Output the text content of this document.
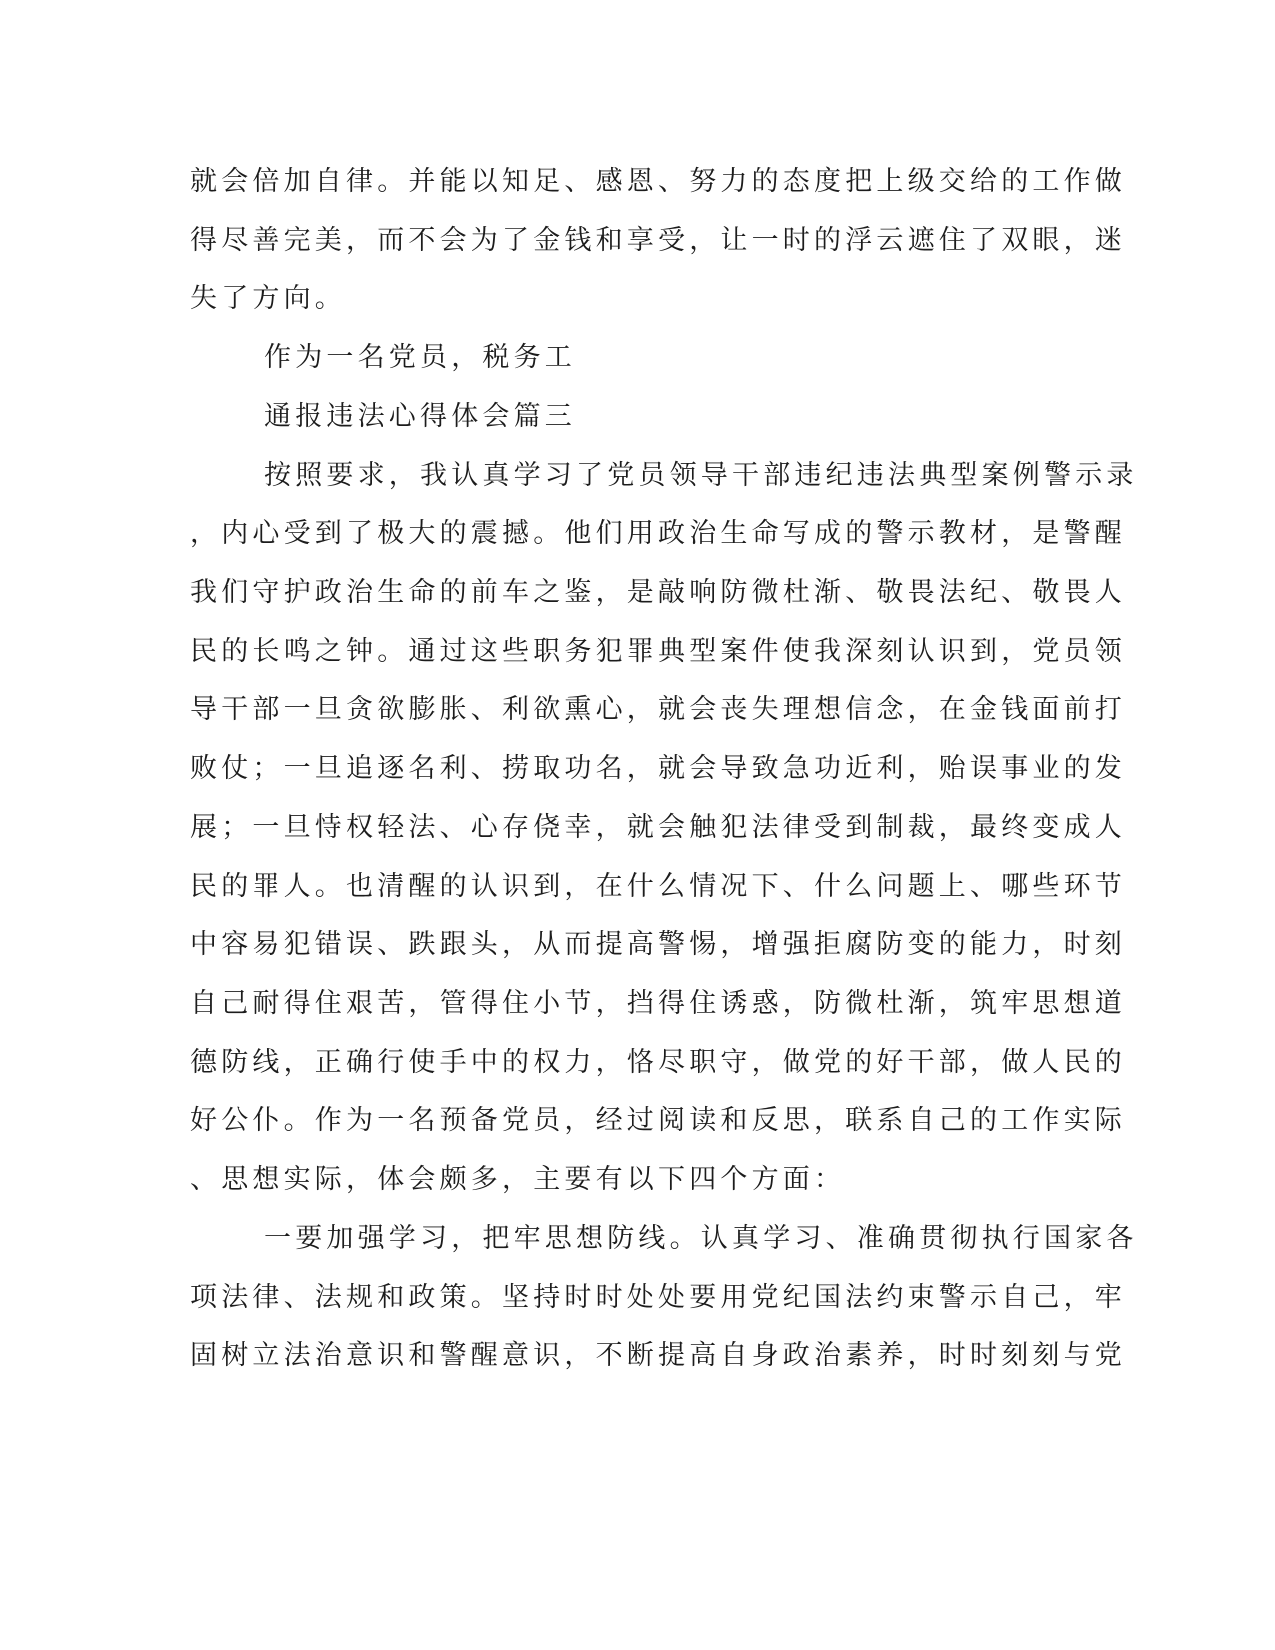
就会倍加自律。并能以知足、感恩、努力的态度把上级交给的工作做
得尽善完美，而不会为了金钱和享受，让一时的浮云遮住了双眼，迷
失了方向。
作为一名党员，税务工
通报违法心得体会篇三
按照要求，我认真学习了党员领导干部违纪违法典型案例警示录
，内心受到了极大的震撼。他们用政治生命写成的警示教材，是警醒
我们守护政治生命的前车之鉴，是敲响防微杜渐、敬畏法纪、敬畏人
民的长鸣之钟。通过这些职务犯罪典型案件使我深刻认识到，党员领
导干部一旦贪欲膨胀、利欲熏心，就会丧失理想信念，在金钱面前打
败仗；一旦追逐名利、捞取功名，就会导致急功近利，贻误事业的发
展；一旦恃权轻法、心存侥幸，就会触犯法律受到制裁，最终变成人
民的罪人。也清醒的认识到，在什么情况下、什么问题上、哪些环节
中容易犯错误、跌跟头，从而提高警惕，增强拒腐防变的能力，时刻
自己耐得住艰苦，管得住小节，挡得住诱惑，防微杜渐，筑牢思想道
德防线，正确行使手中的权力，恪尽职守，做党的好干部，做人民的
好公仆。作为一名预备党员，经过阅读和反思，联系自己的工作实际
、思想实际，体会颇多，主要有以下四个方面：
一要加强学习，把牢思想防线。认真学习、准确贯彻执行国家各
项法律、法规和政策。坚持时时处处要用党纪国法约束警示自己，牢
固树立法治意识和警醒意识，不断提高自身政治素养，时时刻刻与党
